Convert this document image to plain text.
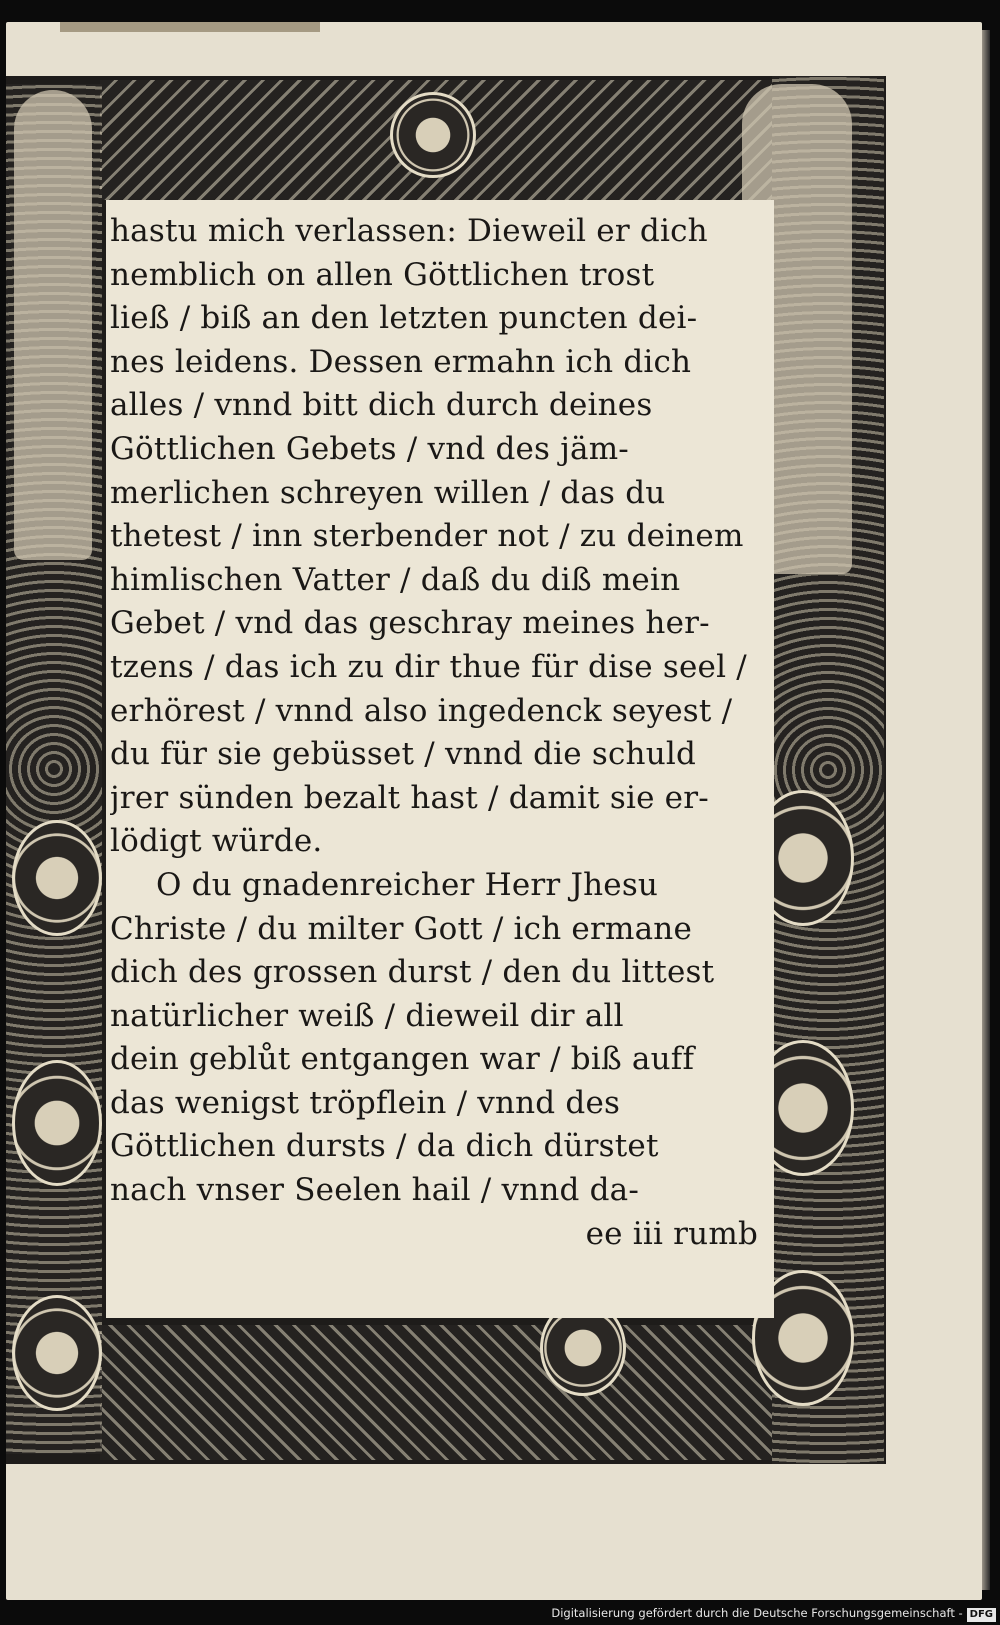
hastu mich verlassen: Dieweil er dich
nemblich on allen Göttlichen trost
ließ / biß an den letzten puncten dei-
nes leidens. Dessen ermahn ich dich
alles / vnnd bitt dich durch deines
Göttlichen Gebets / vnd des jäm-
merlichen schreyen willen / das du
thetest / inn sterbender not / zu deinem
himlischen Vatter / daß du diß mein
Gebet / vnd das geschray meines her-
tzens / das ich zu dir thue für dise seel /
erhörest / vnnd also ingedenck seyest /
du für sie gebüsset / vnnd die schuld
jrer sünden bezalt hast / damit sie er-
lödigt würde.
O du gnadenreicher Herr Jhesu
Christe / du milter Gott / ich ermane
dich des grossen durst / den du littest
natürlicher weiß / dieweil dir all
dein geblůt entgangen war / biß auff
das wenigst tröpflein / vnnd des
Göttlichen dursts / da dich dürstet
nach vnser Seelen hail / vnnd da-
ee iii rumb
Digitalisierung gefördert durch die Deutsche Forschungsgemeinschaft - DFG
